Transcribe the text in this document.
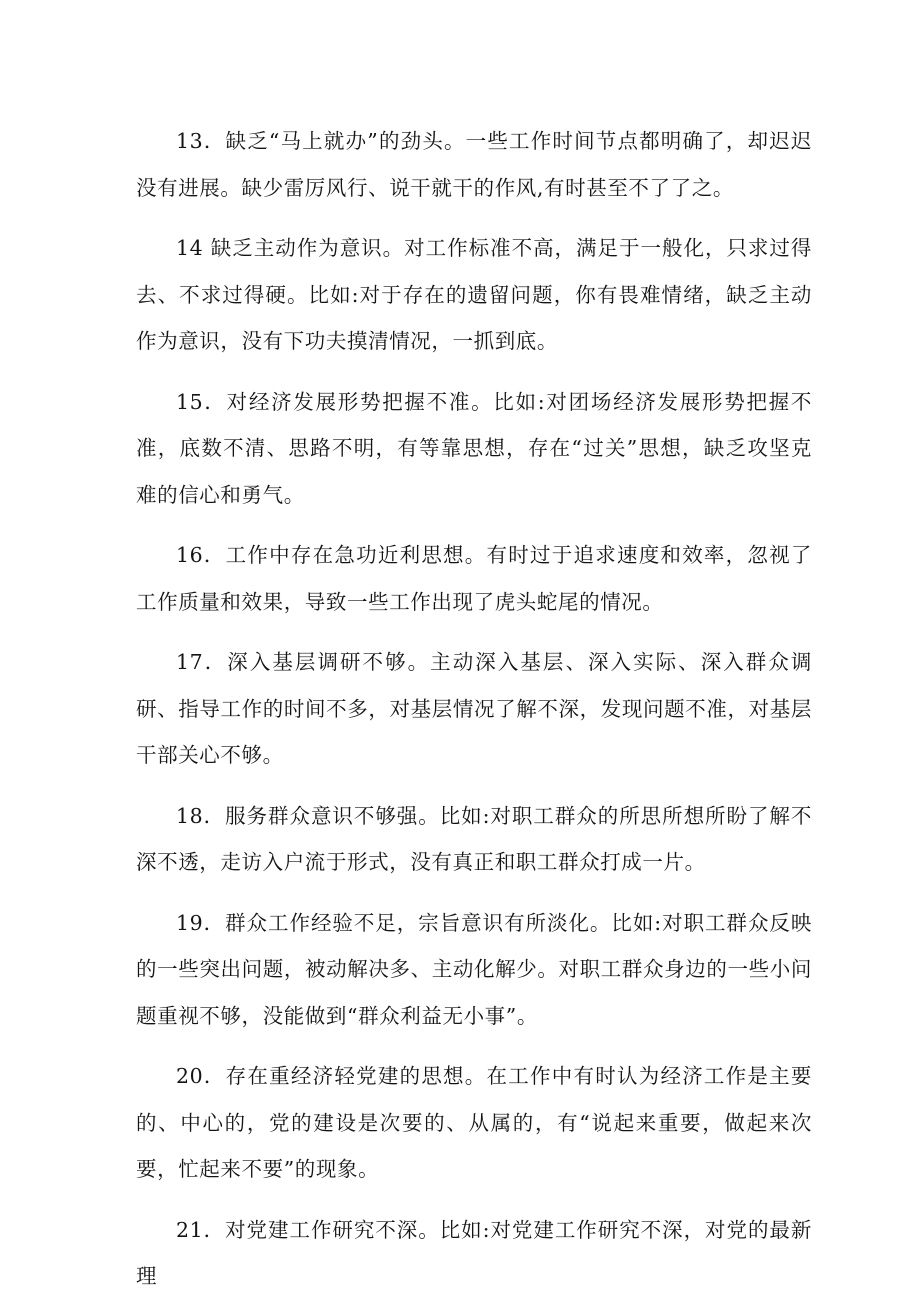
13．缺乏“马上就办”的劲头。一些工作时间节点都明确了，却迟迟没有进展。缺少雷厉风行、说干就干的作风,有时甚至不了了之。

14 缺乏主动作为意识。对工作标准不高，满足于一般化，只求过得去、不求过得硬。比如:对于存在的遗留问题，你有畏难情绪，缺乏主动作为意识，没有下功夫摸清情况，一抓到底。

15．对经济发展形势把握不准。比如:对团场经济发展形势把握不准，底数不清、思路不明，有等靠思想，存在“过关”思想，缺乏攻坚克难的信心和勇气。

16．工作中存在急功近利思想。有时过于追求速度和效率，忽视了工作质量和效果，导致一些工作出现了虎头蛇尾的情况。

17．深入基层调研不够。主动深入基层、深入实际、深入群众调研、指导工作的时间不多，对基层情况了解不深，发现问题不准，对基层干部关心不够。

18．服务群众意识不够强。比如:对职工群众的所思所想所盼了解不深不透，走访入户流于形式，没有真正和职工群众打成一片。

19．群众工作经验不足，宗旨意识有所淡化。比如:对职工群众反映的一些突出问题，被动解决多、主动化解少。对职工群众身边的一些小问题重视不够，没能做到“群众利益无小事”。

20．存在重经济轻党建的思想。在工作中有时认为经济工作是主要的、中心的，党的建设是次要的、从属的，有“说起来重要，做起来次要，忙起来不要”的现象。

21．对党建工作研究不深。比如:对党建工作研究不深，对党的最新理
